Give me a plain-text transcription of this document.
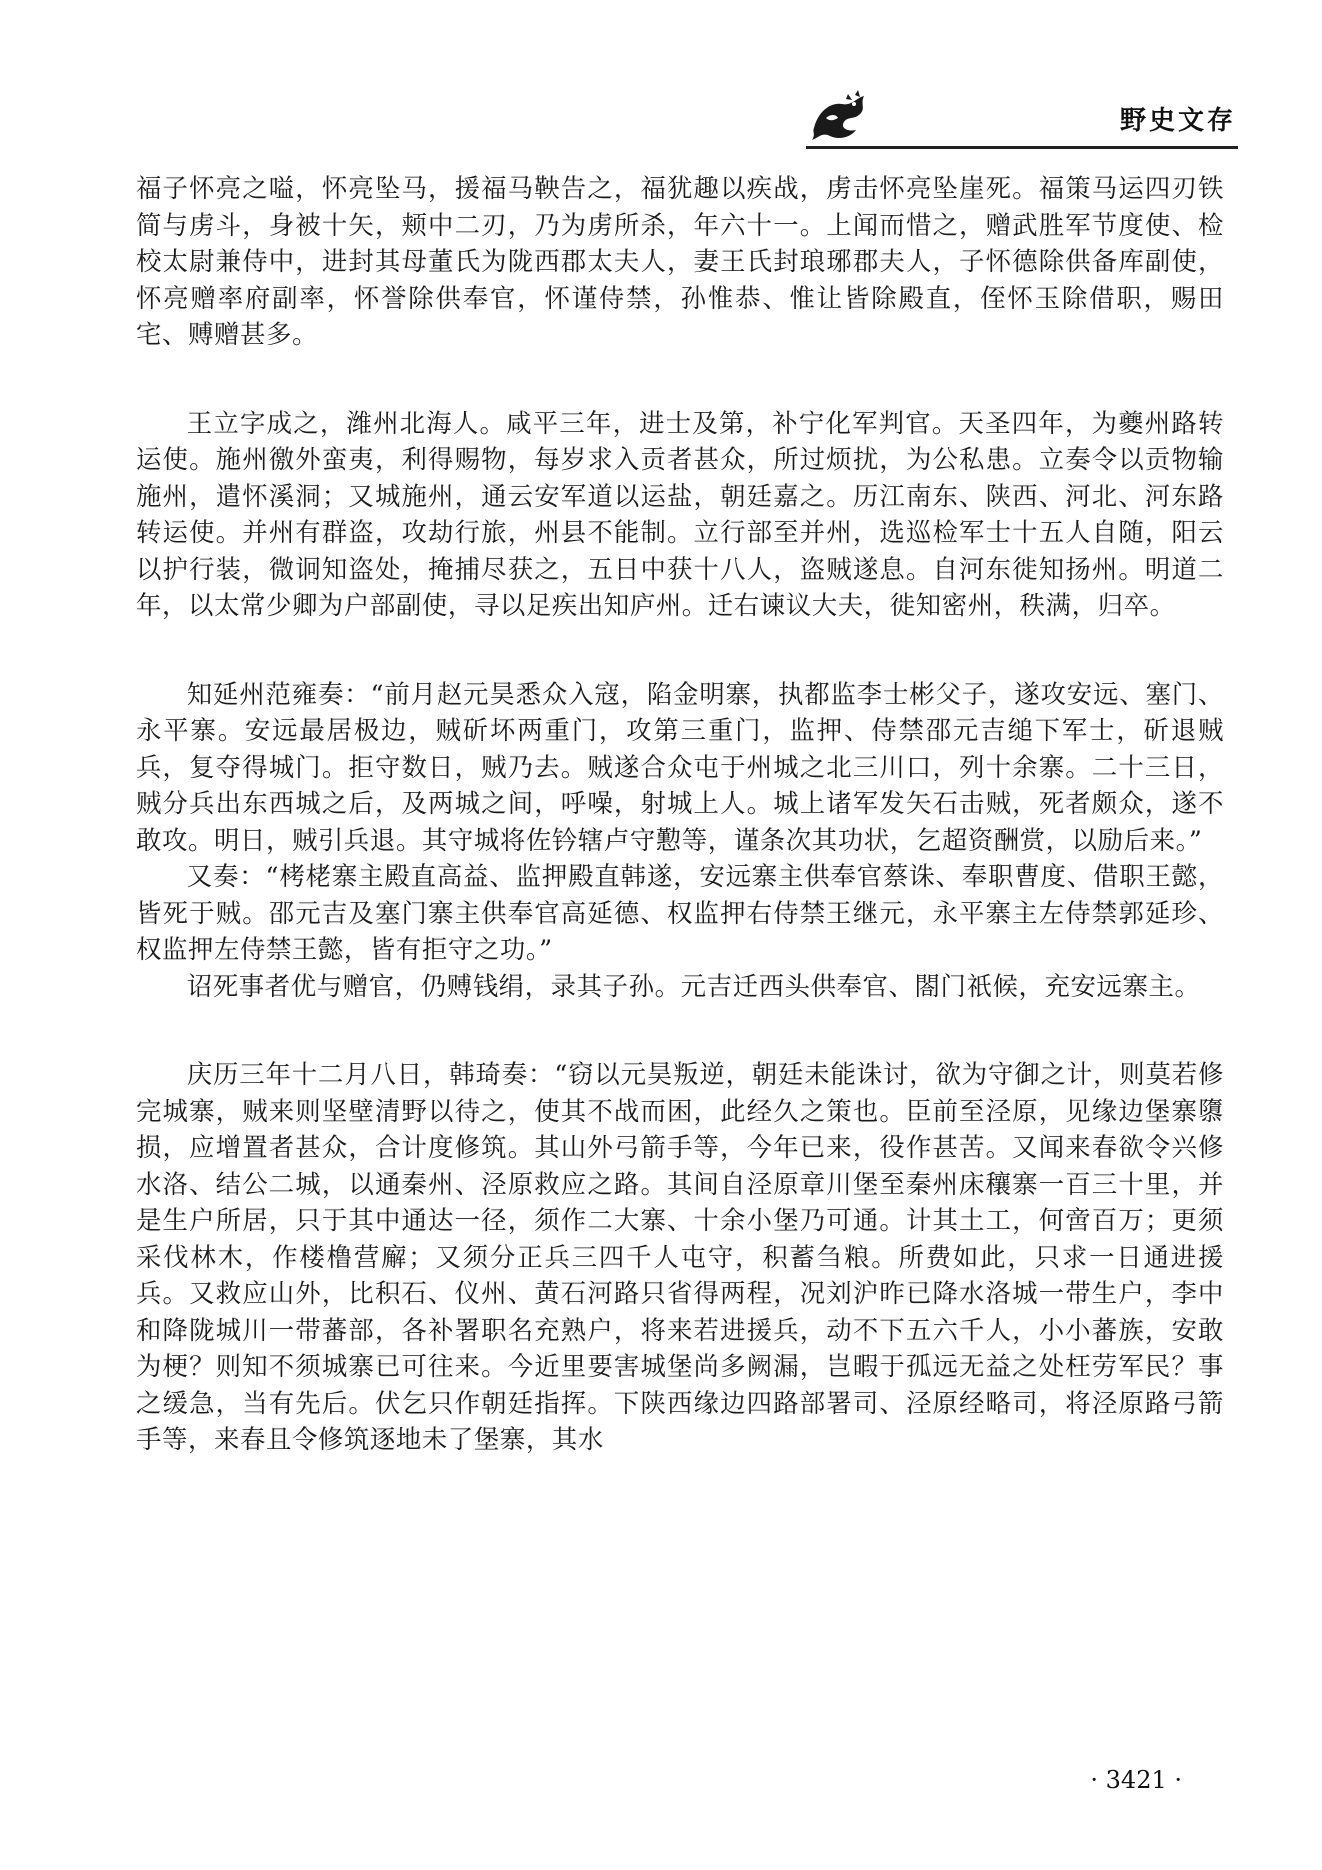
野史文存

福子怀亮之嗌，怀亮坠马，援福马鞅告之，福犹趣以疾战，虏击怀亮坠崖死。福策马运四刃铁简与虏斗，身被十矢，颊中二刃，乃为虏所杀，年六十一。上闻而惜之，赠武胜军节度使、检校太尉兼侍中，进封其母董氏为陇西郡太夫人，妻王氏封琅琊郡夫人，子怀德除供备库副使，怀亮赠率府副率，怀誉除供奉官，怀谨侍禁，孙惟恭、惟让皆除殿直，侄怀玉除借职，赐田宅、赙赠甚多。

王立字成之，潍州北海人。咸平三年，进士及第，补宁化军判官。天圣四年，为夔州路转运使。施州徼外蛮夷，利得赐物，每岁求入贡者甚众，所过烦扰，为公私患。立奏令以贡物输施州，遣怀溪洞；又城施州，通云安军道以运盐，朝廷嘉之。历江南东、陕西、河北、河东路转运使。并州有群盗，攻劫行旅，州县不能制。立行部至并州，选巡检军士十五人自随，阳云以护行装，微诇知盗处，掩捕尽获之，五日中获十八人，盗贼遂息。自河东徙知扬州。明道二年，以太常少卿为户部副使，寻以足疾出知庐州。迁右谏议大夫，徙知密州，秩满，归卒。

知延州范雍奏：“前月赵元昊悉众入寇，陷金明寨，执都监李士彬父子，遂攻安远、塞门、永平寨。安远最居极边，贼斫坏两重门，攻第三重门，监押、侍禁邵元吉缒下军士，斫退贼兵，复夺得城门。拒守数日，贼乃去。贼遂合众屯于州城之北三川口，列十余寨。二十三日，贼分兵出东西城之后，及两城之间，呼噪，射城上人。城上诸军发矢石击贼，死者颇众，遂不敢攻。明日，贼引兵退。其守城将佐钤辖卢守懃等，谨条次其功状，乞超资酬赏，以励后来。”

又奏：“栲栳寨主殿直高益、监押殿直韩遂，安远寨主供奉官蔡诛、奉职曹度、借职王懿，皆死于贼。邵元吉及塞门寨主供奉官高延德、权监押右侍禁王继元，永平寨主左侍禁郭延珍、权监押左侍禁王懿，皆有拒守之功。”

诏死事者优与赠官，仍赙钱绢，录其子孙。元吉迁西头供奉官、閤门祇候，充安远寨主。

庆历三年十二月八日，韩琦奏：“窃以元昊叛逆，朝廷未能诛讨，欲为守御之计，则莫若修完城寨，贼来则坚壁清野以待之，使其不战而困，此经久之策也。臣前至泾原，见缘边堡寨隳损，应增置者甚众，合计度修筑。其山外弓箭手等，今年已来，役作甚苦。又闻来春欲令兴修水洛、结公二城，以通秦州、泾原救应之路。其间自泾原章川堡至秦州床穰寨一百三十里，并是生户所居，只于其中通达一径，须作二大寨、十余小堡乃可通。计其土工，何啻百万；更须采伐林木，作楼橹营廨；又须分正兵三四千人屯守，积蓄刍粮。所费如此，只求一日通进援兵。又救应山外，比积石、仪州、黄石河路只省得两程，况刘沪昨已降水洛城一带生户，李中和降陇城川一带蕃部，各补署职名充熟户，将来若进援兵，动不下五六千人，小小蕃族，安敢为梗？则知不须城寨已可往来。今近里要害城堡尚多阙漏，岂暇于孤远无益之处枉劳军民？事之缓急，当有先后。伏乞只作朝廷指挥。下陕西缘边四路部署司、泾原经略司，将泾原路弓箭手等，来春且令修筑逐地未了堡寨，其水

· 3421 ·
